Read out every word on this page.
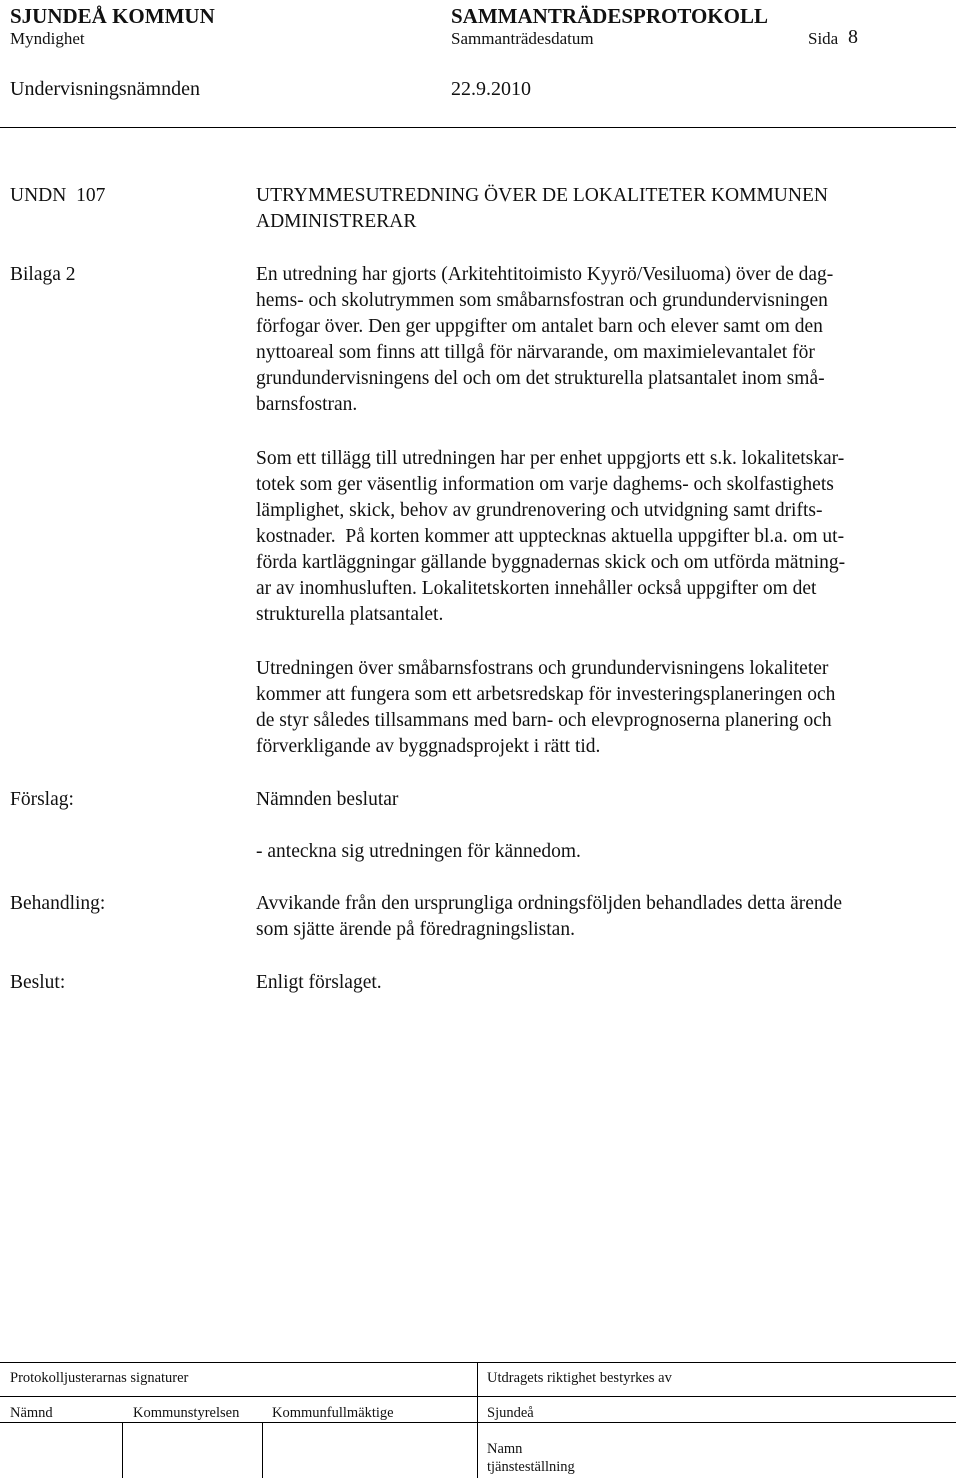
SJUNDEÅ KOMMUN	SAMMANTRÄDESPROTOKOLL
Myndighet	Sammanträdesdatum	Sida 8
Undervisningsnämnden	22.9.2010
UNDN  107	UTRYMMESUTREDNING ÖVER DE LOKALITETER KOMMUNEN
ADMINISTRERAR
Bilaga 2	En utredning har gjorts (Arkitehtitoimisto Kyyrö/Vesiluoma) över de dag-
hems- och skolutrymmen som småbarnsfostran och grundundervisningen
förfogar över. Den ger uppgifter om antalet barn och elever samt om den
nyttoareal som finns att tillgå för närvarande, om maximielevantalet för
grundundervisningens del och om det strukturella platsantalet inom små-
barnsfostran.
Som ett tillägg till utredningen har per enhet uppgjorts ett s.k. lokalitetskar-
totek som ger väsentlig information om varje daghems- och skolfastighets
lämplighet, skick, behov av grundrenovering och utvidgning samt drifts-
kostnader.  På korten kommer att upptecknas aktuella uppgifter bl.a. om ut-
förda kartläggningar gällande byggnadernas skick och om utförda mätning-
ar av inomhusluften. Lokalitetskorten innehåller också uppgifter om det
strukturella platsantalet.
Utredningen över småbarnsfostrans och grundundervisningens lokaliteter
kommer att fungera som ett arbetsredskap för investeringsplaneringen och
de styr således tillsammans med barn- och elevprognoserna planering och
förverkligande av byggnadsprojekt i rätt tid.
Förslag:	Nämnden beslutar
- anteckna sig utredningen för kännedom.
Behandling:	Avvikande från den ursprungliga ordningsföljden behandlades detta ärende
som sjätte ärende på föredragningslistan.
Beslut:	Enligt förslaget.
Protokolljusterarnas signaturer	Utdragets riktighet bestyrkes av
Nämnd	Kommunstyrelsen Kommunfullmäktige	Sjundeå
Namn
tjänsteställning
